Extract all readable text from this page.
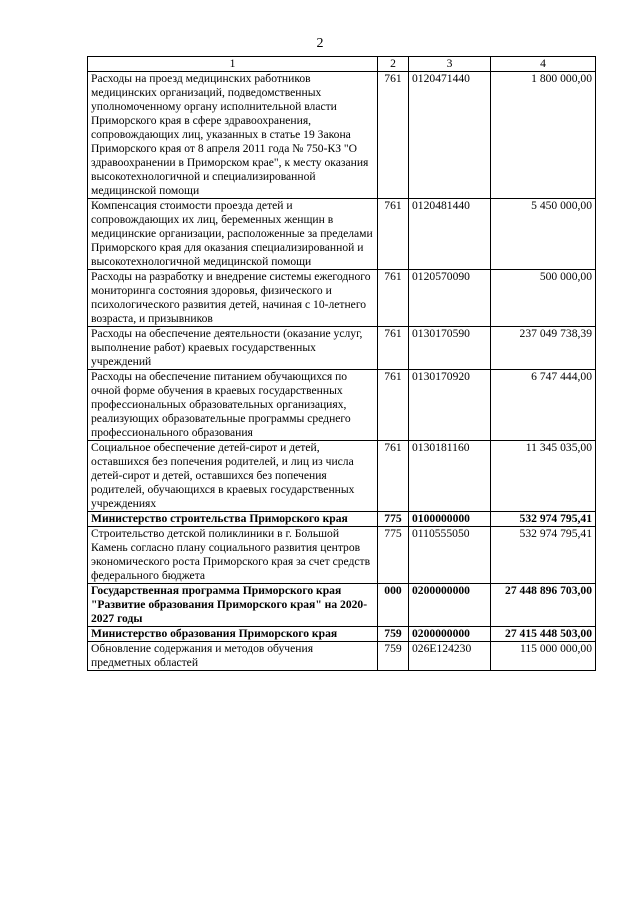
2
1	2	3	4
Расходы на проезд медицинских работников медицинских организаций, подведомственных уполномоченному органу исполнительной власти Приморского края в сфере здравоохранения, сопровождающих лиц, указанных в статье 19 Закона Приморского края от 8 апреля 2011 года № 750-КЗ "О здравоохранении в Приморском крае", к месту оказания высокотехнологичной и специализированной медицинской помощи	761	0120471440	1 800 000,00
Компенсация стоимости проезда детей и сопровождающих их лиц, беременных женщин в медицинские организации, расположенные за пределами Приморского края для оказания специализированной и высокотехнологичной медицинской помощи	761	0120481440	5 450 000,00
Расходы на разработку и внедрение системы ежегодного мониторинга состояния здоровья, физического и психологического развития детей, начиная с 10-летнего возраста, и призывников	761	0120570090	500 000,00
Расходы на обеспечение деятельности (оказание услуг, выполнение работ) краевых государственных учреждений	761	0130170590	237 049 738,39
Расходы на обеспечение питанием обучающихся по очной форме обучения в краевых государственных профессиональных образовательных организациях, реализующих образовательные программы среднего профессионального образования	761	0130170920	6 747 444,00
Социальное обеспечение детей-сирот и детей, оставшихся без попечения родителей, и лиц из числа детей-сирот и детей, оставшихся без попечения родителей, обучающихся в краевых государственных учреждениях	761	0130181160	11 345 035,00
Министерство строительства Приморского края	775	0100000000	532 974 795,41
Строительство детской поликлиники в г. Большой Камень согласно плану социального развития центров экономического роста Приморского края за счет средств федерального бюджета	775	0110555050	532 974 795,41
Государственная программа Приморского края "Развитие образования Приморского края" на 2020-2027 годы	000	0200000000	27 448 896 703,00
Министерство образования Приморского края	759	0200000000	27 415 448 503,00
Обновление содержания и методов обучения предметных областей	759	026E124230	115 000 000,00
